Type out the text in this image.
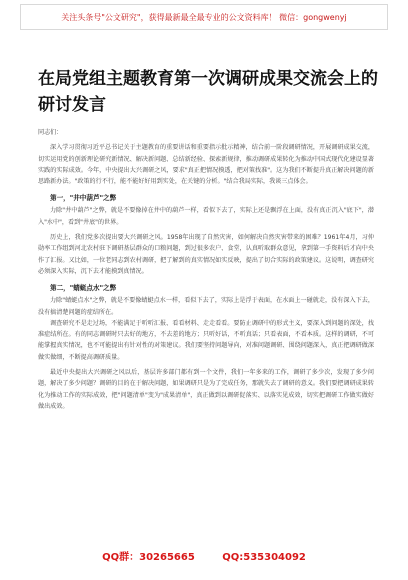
关注头条号"公文研究"，获得最新最全最专业的公文资料库！ 微信：gongwenyj
在局党组主题教育第一次调研成果交流会上的研讨发言

同志们：

深入学习贯彻习近平总书记关于主题教育的重要讲话和重要指示批示精神，结合前一阶段调研情况，开展调研成果交流，切实运用党的创新理论研究新情况、解决新问题、总结新经验、探索新规律，推动调研成果转化为推动中国式现代化建设显著实践的实际成效。今年，中央提出大兴调研之风，要求"真正把情况摸透，把对策找准"。这为我们不断提升真正解决问题的新思路新办法。"政策的行不行，能不能好好用到实处，在关键的分析。"结合我局实际，我谈三点体会。

第一，"井中葫芦"之弊

力除"井中葫芦"之弊，就是不要像掉在井中的葫芦一样，看似下去了，实际上还是飘浮在上面，没有真正沉入"底下"，潜入"水中"，看到"井底"的世界。

历史上，我们党多次提出要大兴调研之风。1958年出现了自然灾害，如何解决自然灾害带来的困难？1961年4月，习仲勋率工作组到河北农村驻下调研基层群众的口粮问题，到过很多农户、食堂，认真听取群众意见，拿到第一手资料后才向中央作了汇报。又比如，一位老同志到农村调研，把了解到的真实情况如实反映，提出了切合实际的政策建议。这说明，调查研究必须深入实际，沉下去才能摸到真情况。

第二，"蜻蜓点水"之弊

力除"蜻蜓点水"之弊，就是不要像蜻蜓点水一样，看似下去了，实际上是浮于表面，在水面上一碰就走，没有深入下去，没有搞清楚问题的症结所在。

调查研究不是走过场，不能满足于听听汇报、看看材料、走走看看。要防止调研中的形式主义，要深入到问题的深处，找准症结所在。有的同志调研时只去好的地方，不去差的地方；只听好话，不听真话；只看表面，不看本质。这样的调研，不可能掌握真实情况，也不可能提出有针对性的对策建议。我们要坚持问题导向，对准问题调研、围绕问题深入，真正把调研做深做实做细，不断提高调研质量。

最近中央提出大兴调研之风以后，基层许多部门都有到一个文件，我们一年多来的工作，调研了多少次，发现了多少问题，解决了多少问题？调研的目的在于解决问题，如果调研只是为了完成任务，那就失去了调研的意义。我们要把调研成果转化为推动工作的实际成效，把"问题清单"变为"成果清单"，真正做到以调研促落实、以落实见成效，切实把调研工作做实做好做出成效。

QQ群：30265665	QQ:535304092
